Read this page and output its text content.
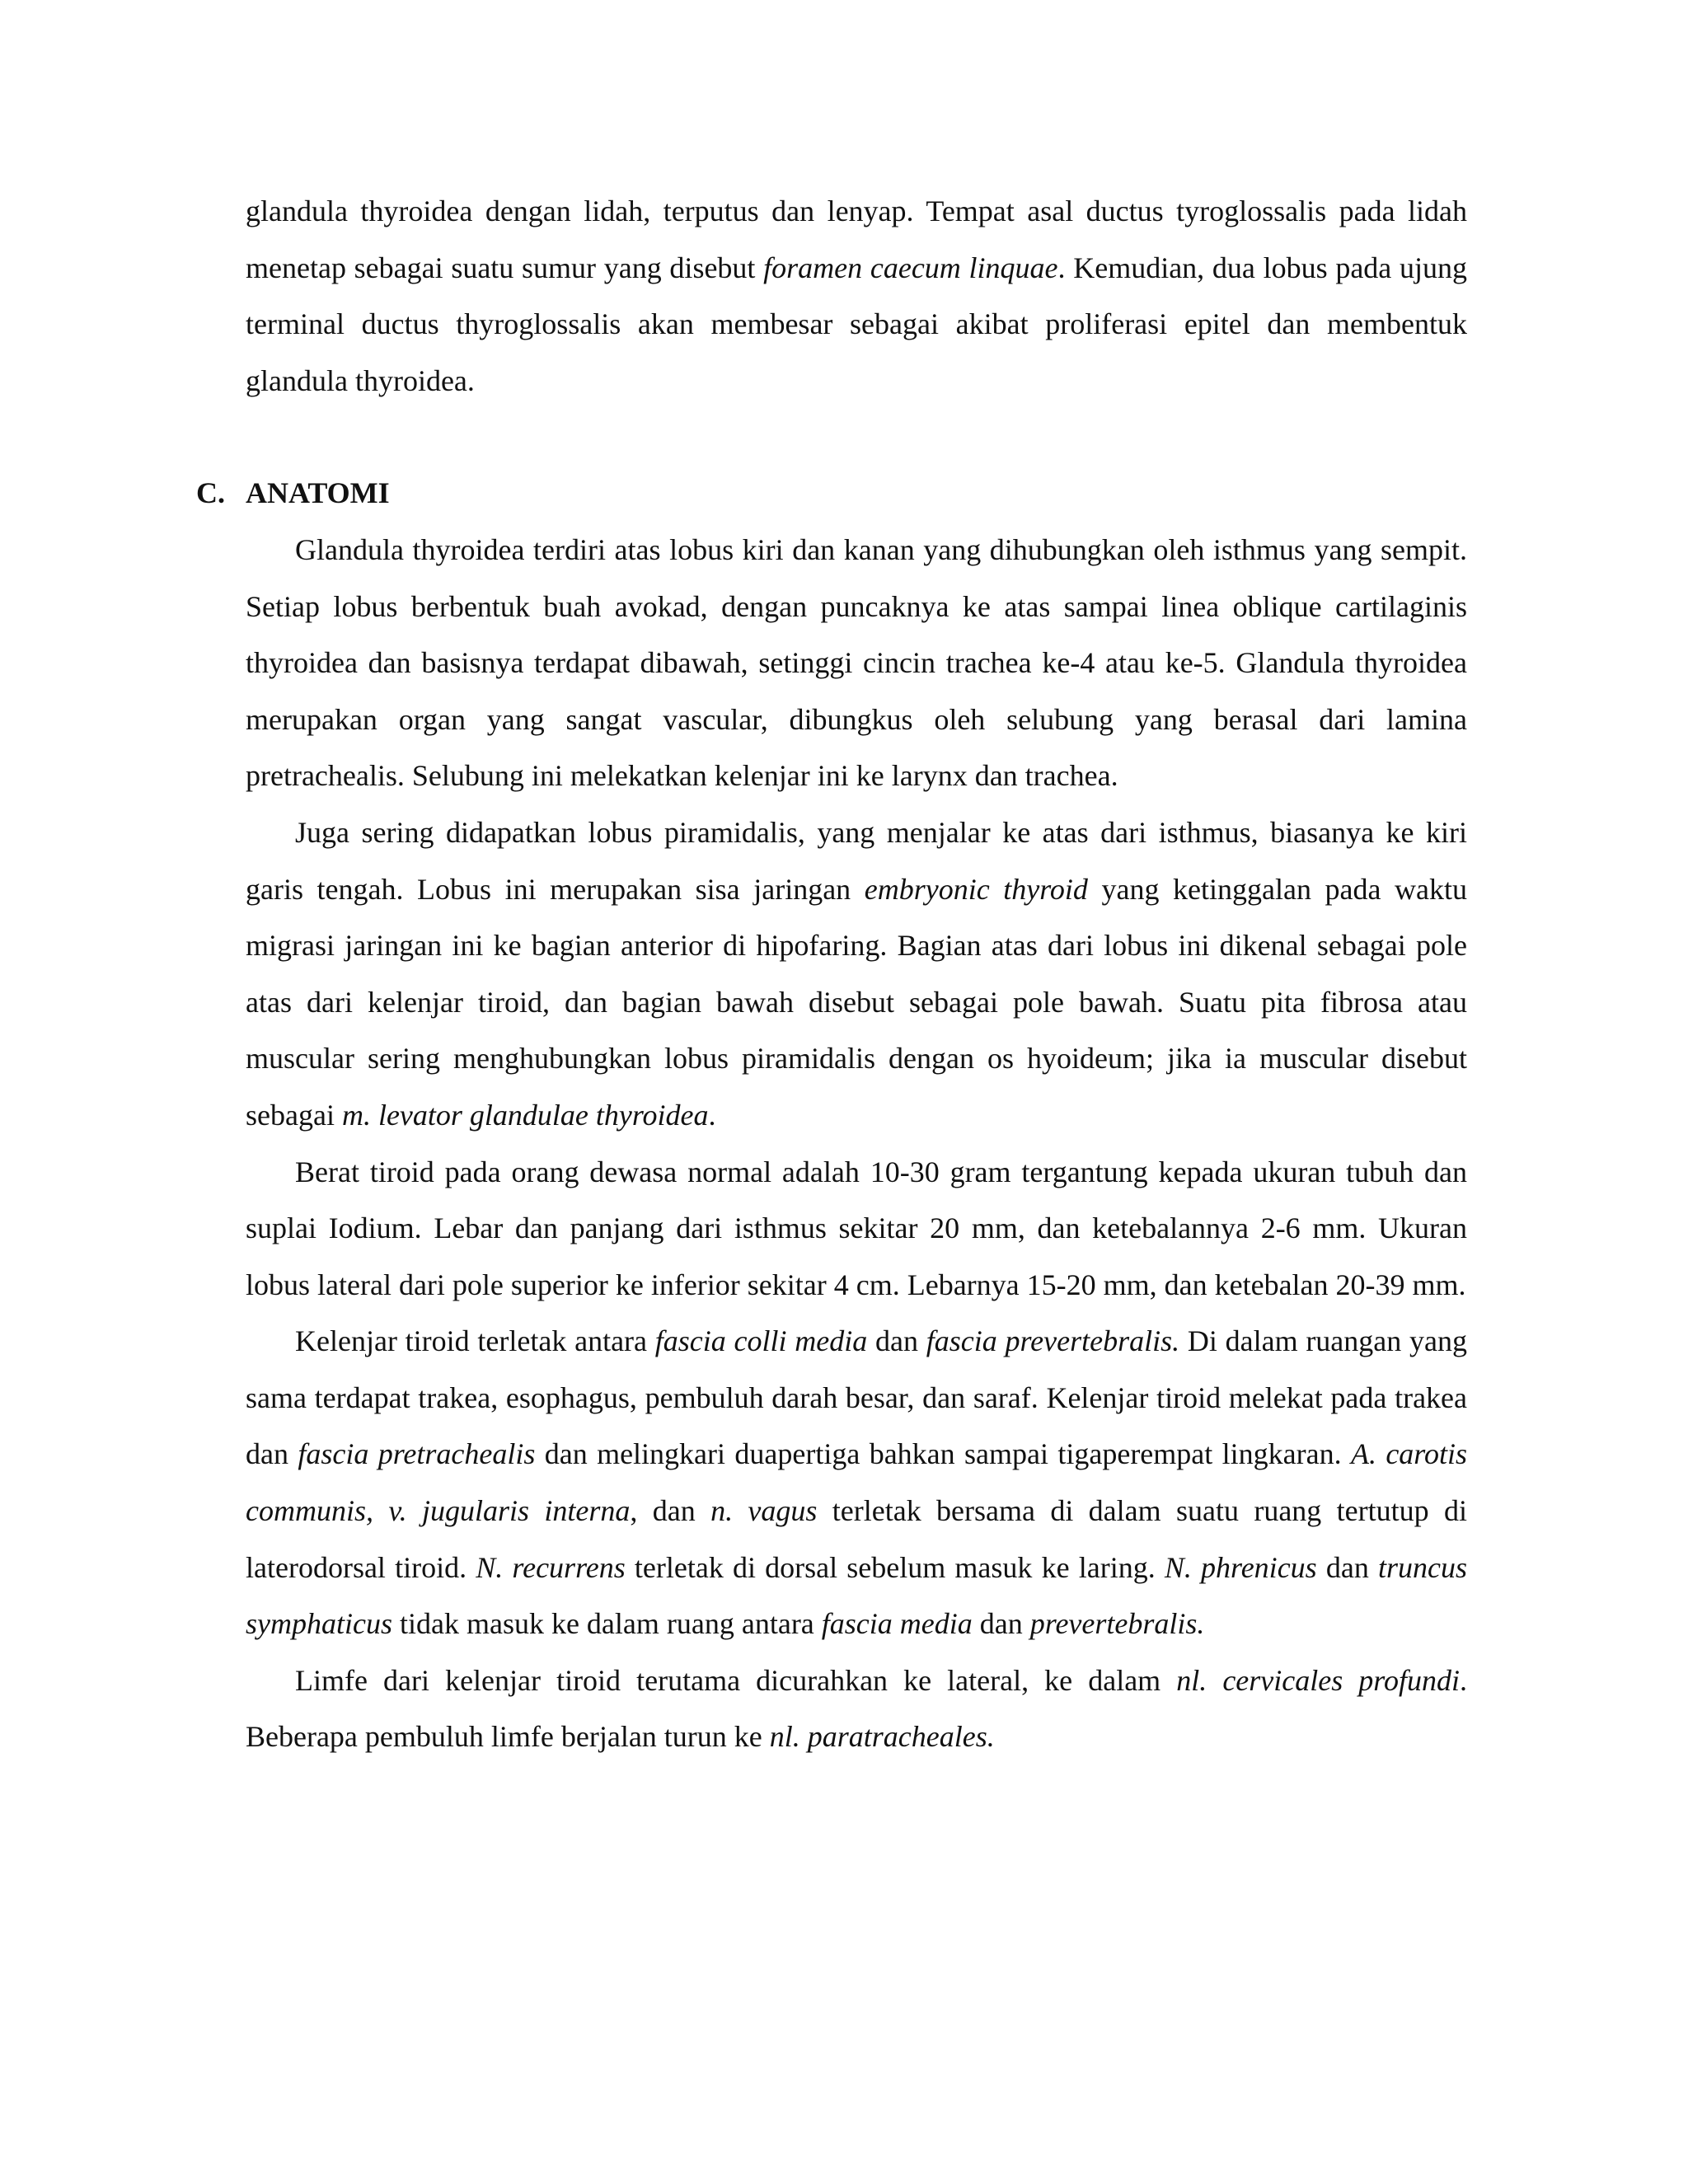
glandula thyroidea dengan lidah, terputus dan lenyap. Tempat asal ductus tyroglossalis pada lidah menetap sebagai suatu sumur yang disebut foramen caecum linquae. Kemudian, dua lobus pada ujung terminal ductus thyroglossalis akan membesar sebagai akibat proliferasi epitel dan membentuk glandula thyroidea.

C. ANATOMI

Glandula thyroidea terdiri atas lobus kiri dan kanan yang dihubungkan oleh isthmus yang sempit. Setiap lobus berbentuk buah avokad, dengan puncaknya ke atas sampai linea oblique cartilaginis thyroidea dan basisnya terdapat dibawah, setinggi cincin trachea ke-4 atau ke-5. Glandula thyroidea merupakan organ yang sangat vascular, dibungkus oleh selubung yang berasal dari lamina pretrachealis. Selubung ini melekatkan kelenjar ini ke larynx dan trachea.

Juga sering didapatkan lobus piramidalis, yang menjalar ke atas dari isthmus, biasanya ke kiri garis tengah. Lobus ini merupakan sisa jaringan embryonic thyroid yang ketinggalan pada waktu migrasi jaringan ini ke bagian anterior di hipofaring. Bagian atas dari lobus ini dikenal sebagai pole atas dari kelenjar tiroid, dan bagian bawah disebut sebagai pole bawah. Suatu pita fibrosa atau muscular sering menghubungkan lobus piramidalis dengan os hyoideum; jika ia muscular disebut sebagai m. levator glandulae thyroidea.

Berat tiroid pada orang dewasa normal adalah 10-30 gram tergantung kepada ukuran tubuh dan suplai Iodium. Lebar dan panjang dari isthmus sekitar 20 mm, dan ketebalannya 2-6 mm. Ukuran lobus lateral dari pole superior ke inferior sekitar 4 cm. Lebarnya 15-20 mm, dan ketebalan 20-39 mm.

Kelenjar tiroid terletak antara fascia colli media dan fascia prevertebralis. Di dalam ruangan yang sama terdapat trakea, esophagus, pembuluh darah besar, dan saraf. Kelenjar tiroid melekat pada trakea dan fascia pretrachealis dan melingkari duapertiga bahkan sampai tigaperempat lingkaran. A. carotis communis, v. jugularis interna, dan n. vagus terletak bersama di dalam suatu ruang tertutup di laterodorsal tiroid. N. recurrens terletak di dorsal sebelum masuk ke laring. N. phrenicus dan truncus symphaticus tidak masuk ke dalam ruang antara fascia media dan prevertebralis.

Limfe dari kelenjar tiroid terutama dicurahkan ke lateral, ke dalam nl. cervicales profundi. Beberapa pembuluh limfe berjalan turun ke nl. paratracheales.
